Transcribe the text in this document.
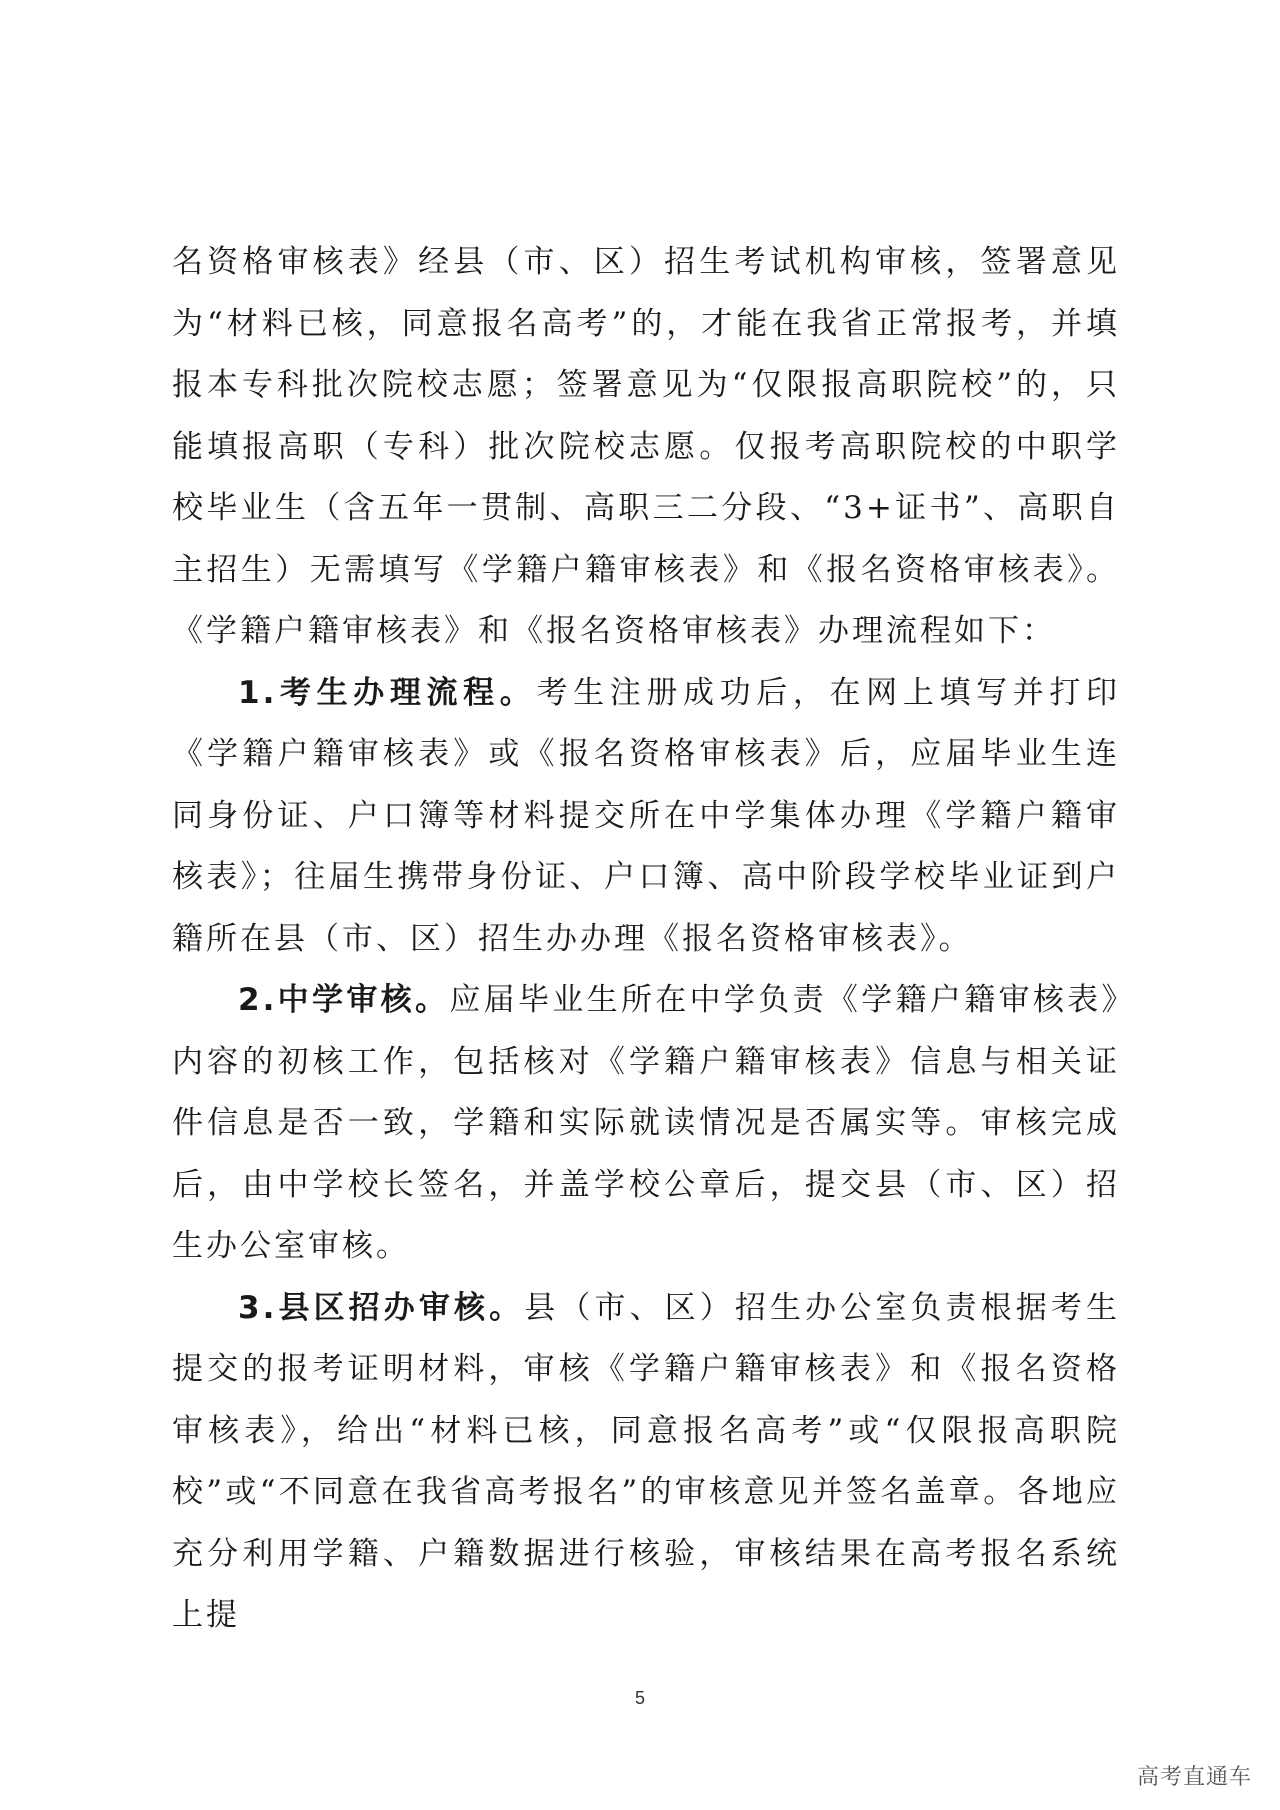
名资格审核表》经县（市、区）招生考试机构审核，签署意见为“材料已核，同意报名高考”的，才能在我省正常报考，并填报本专科批次院校志愿；签署意见为“仅限报高职院校”的，只能填报高职（专科）批次院校志愿。仅报考高职院校的中职学校毕业生（含五年一贯制、高职三二分段、“3+证书”、高职自主招生）无需填写《学籍户籍审核表》和《报名资格审核表》。《学籍户籍审核表》和《报名资格审核表》办理流程如下：

1.考生办理流程。考生注册成功后，在网上填写并打印《学籍户籍审核表》或《报名资格审核表》后，应届毕业生连同身份证、户口簿等材料提交所在中学集体办理《学籍户籍审核表》；往届生携带身份证、户口簿、高中阶段学校毕业证到户籍所在县（市、区）招生办办理《报名资格审核表》。

2.中学审核。应届毕业生所在中学负责《学籍户籍审核表》内容的初核工作，包括核对《学籍户籍审核表》信息与相关证件信息是否一致，学籍和实际就读情况是否属实等。审核完成后，由中学校长签名，并盖学校公章后，提交县（市、区）招生办公室审核。

3.县区招办审核。县（市、区）招生办公室负责根据考生提交的报考证明材料，审核《学籍户籍审核表》和《报名资格审核表》，给出“材料已核，同意报名高考”或“仅限报高职院校”或“不同意在我省高考报名”的审核意见并签名盖章。各地应充分利用学籍、户籍数据进行核验，审核结果在高考报名系统上提

5
高考直通车
